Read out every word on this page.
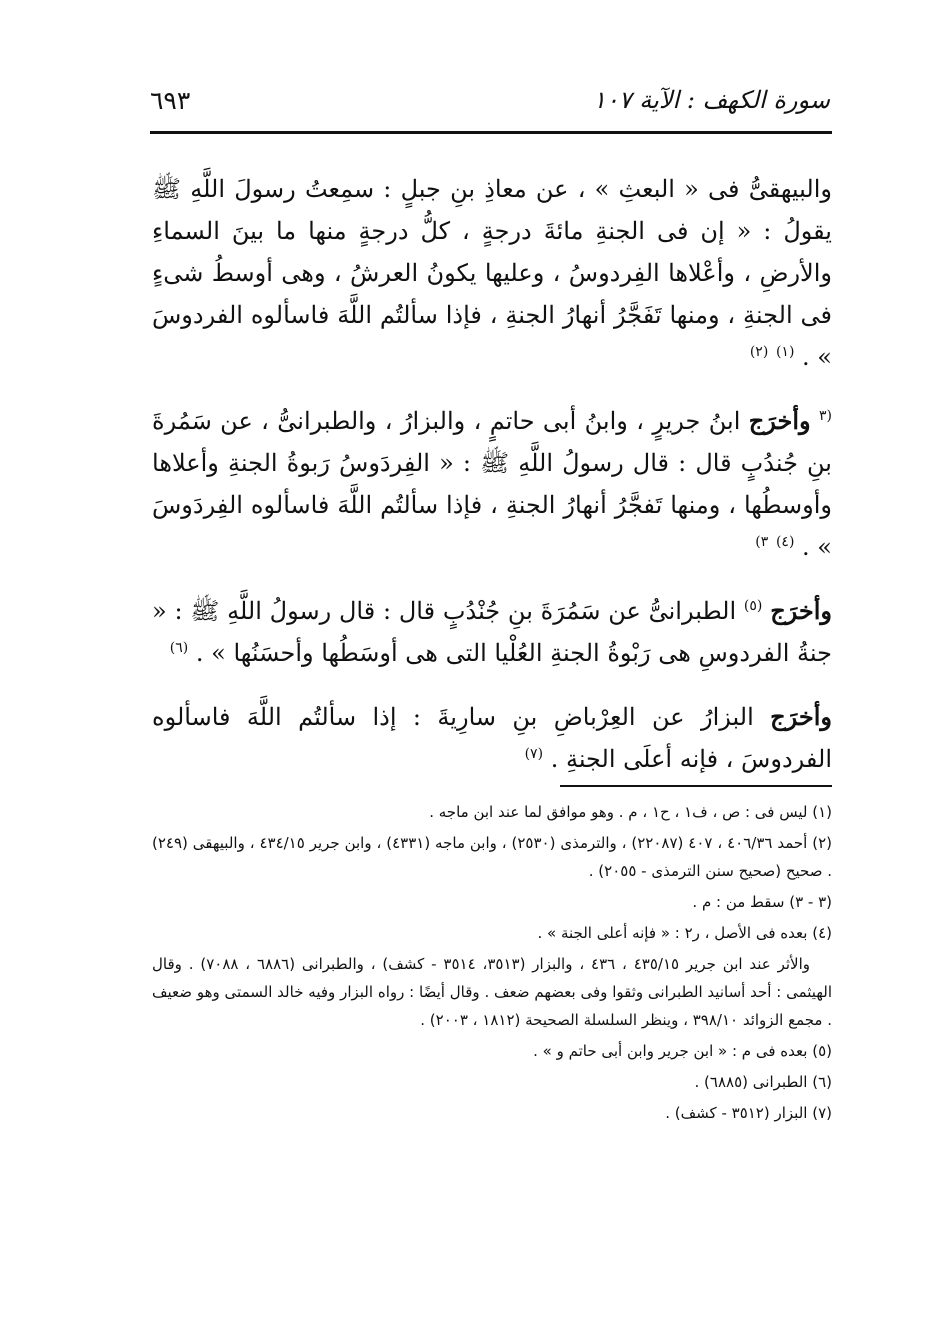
سورة الكهف : الآية ١٠٧
٦٩٣

والبيهقىُّ فى « البعثِ » ، عن معاذِ بنِ جبلٍ : سمِعتُ رسولَ اللَّهِ ﷺ يقولُ : « إن فى الجنةِ مائةَ درجةٍ ، كلُّ درجةٍ منها ما بينَ السماءِ والأرضِ ، وأعْلاها الفِردوسُ ، وعليها يكونُ العرشُ ، وهى أوسطُ شىءٍ فى الجنةِ ، ومنها تَفَجَّرُ أنهارُ الجنةِ ، فإذا سألتُم اللَّهَ فاسألوه الفردوسَ » . $^{(١)}$ $^{(٢)}$

$^{(٣}$ وأخرَج ابنُ جريرٍ ، وابنُ أبى حاتمٍ ، والبزارُ ، والطبرانىُّ ، عن سَمُرةَ بنِ جُندُبٍ قال : قال رسولُ اللَّهِ ﷺ : « الفِردَوسُ رَبوةُ الجنةِ وأعلاها وأوسطُها ، ومنها تَفجَّرُ أنهارُ الجنةِ ، فإذا سألتُم اللَّهَ فاسألوه الفِردَوسَ » . $^{(٤)}$ $^{٣)}$

وأخرَج $^{(٥)}$ الطبرانىُّ عن سَمُرَةَ بنِ جُنْدُبٍ قال : قال رسولُ اللَّهِ ﷺ : « جنةُ الفردوسِ هى رَبْوةُ الجنةِ العُلْيا التى هى أوسَطُها وأحسَنُها » . $^{(٦)}$

وأخرَج البزارُ عن العِرْباضِ بنِ سارِيةَ : إذا سألتُم اللَّهَ فاسألوه الفردوسَ ، فإنه أعلَى الجنةِ . $^{(٧)}$

(١) ليس فى : ص ، ف١ ، ح١ ، م . وهو موافق لما عند ابن ماجه .
(٢) أحمد ٤٠٦/٣٦ ، ٤٠٧ (٢٢٠٨٧) ، والترمذى (٢٥٣٠) ، وابن ماجه (٤٣٣١) ، وابن جرير ٤٣٤/١٥ ، والبيهقى (٢٤٩) . صحيح (صحيح سنن الترمذى - ٢٠٥٥) .
(٣ - ٣) سقط من : م .
(٤) بعده فى الأصل ، ر٢ : « فإنه أعلى الجنة » .
والأثر عند ابن جرير ٤٣٥/١٥ ، ٤٣٦ ، والبزار (٣٥١٣، ٣٥١٤ - كشف) ، والطبرانى (٦٨٨٦ ، ٧٠٨٨) . وقال الهيثمى : أحد أسانيد الطبرانى وثقوا وفى بعضهم ضعف . وقال أيضًا : رواه البزار وفيه خالد السمتى وهو ضعيف . مجمع الزوائد ٣٩٨/١٠ ، وينظر السلسلة الصحيحة (١٨١٢ ، ٢٠٠٣) .
(٥) بعده فى م : « ابن جرير وابن أبى حاتم و » .
(٦) الطبرانى (٦٨٨٥) .
(٧) البزار (٣٥١٢ - كشف) .
